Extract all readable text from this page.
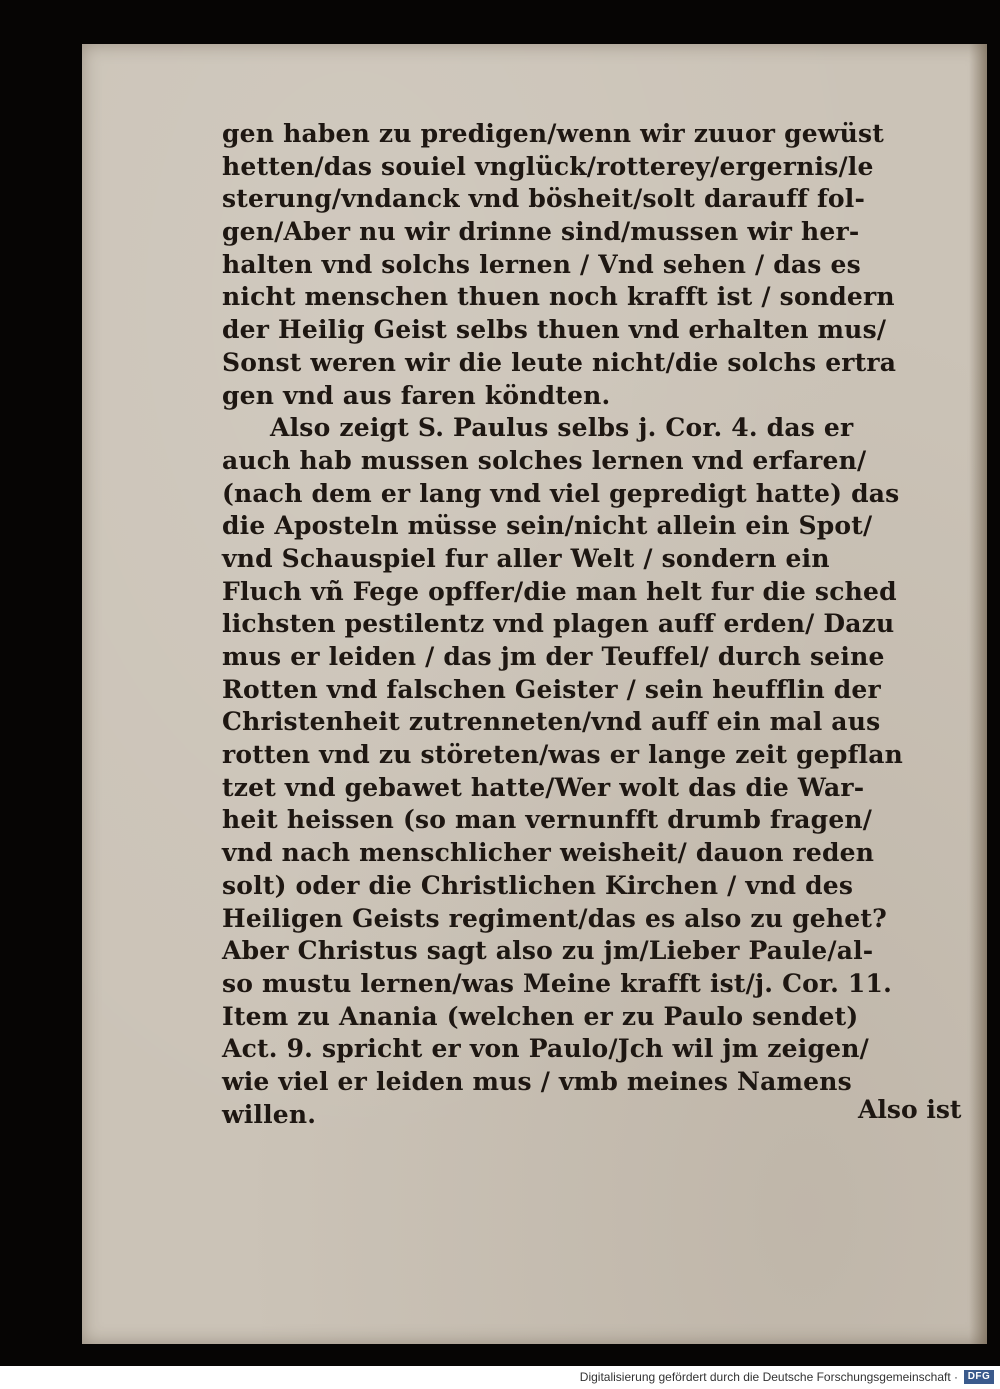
gen haben zu predigen/wenn wir zuuor gewüst
hetten/das souiel vnglück/rotterey/ergernis/le
sterung/vndanck vnd bösheit/solt darauff fol-
gen/Aber nu wir drinne sind/mussen wir her-
halten vnd solchs lernen / Vnd sehen / das es
nicht menschen thuen noch krafft ist / sondern
der Heilig Geist selbs thuen vnd erhalten mus/
Sonst weren wir die leute nicht/die solchs ertra
gen vnd aus faren köndten.
Also zeigt S. Paulus selbs j. Cor. 4. das er
auch hab mussen solches lernen vnd erfaren/
(nach dem er lang vnd viel gepredigt hatte) das
die Aposteln müsse sein/nicht allein ein Spot/
vnd Schauspiel fur aller Welt / sondern ein
Fluch vñ Fege opffer/die man helt fur die sched
lichsten pestilentz vnd plagen auff erden/ Dazu
mus er leiden / das jm der Teuffel/ durch seine
Rotten vnd falschen Geister / sein heufflin der
Christenheit zutrenneten/vnd auff ein mal aus
rotten vnd zu störeten/was er lange zeit gepflan
tzet vnd gebawet hatte/Wer wolt das die War-
heit heissen (so man vernunfft drumb fragen/
vnd nach menschlicher weisheit/ dauon reden
solt) oder die Christlichen Kirchen / vnd des
Heiligen Geists regiment/das es also zu gehet?
Aber Christus sagt also zu jm/Lieber Paule/al-
so mustu lernen/was Meine krafft ist/j. Cor. 11.
Item zu Anania (welchen er zu Paulo sendet)
Act. 9. spricht er von Paulo/Jch wil jm zeigen/
wie viel er leiden mus / vmb meines Namens
willen.	Also ist
Digitalisierung gefördert durch die Deutsche Forschungsgemeinschaft · DFG
